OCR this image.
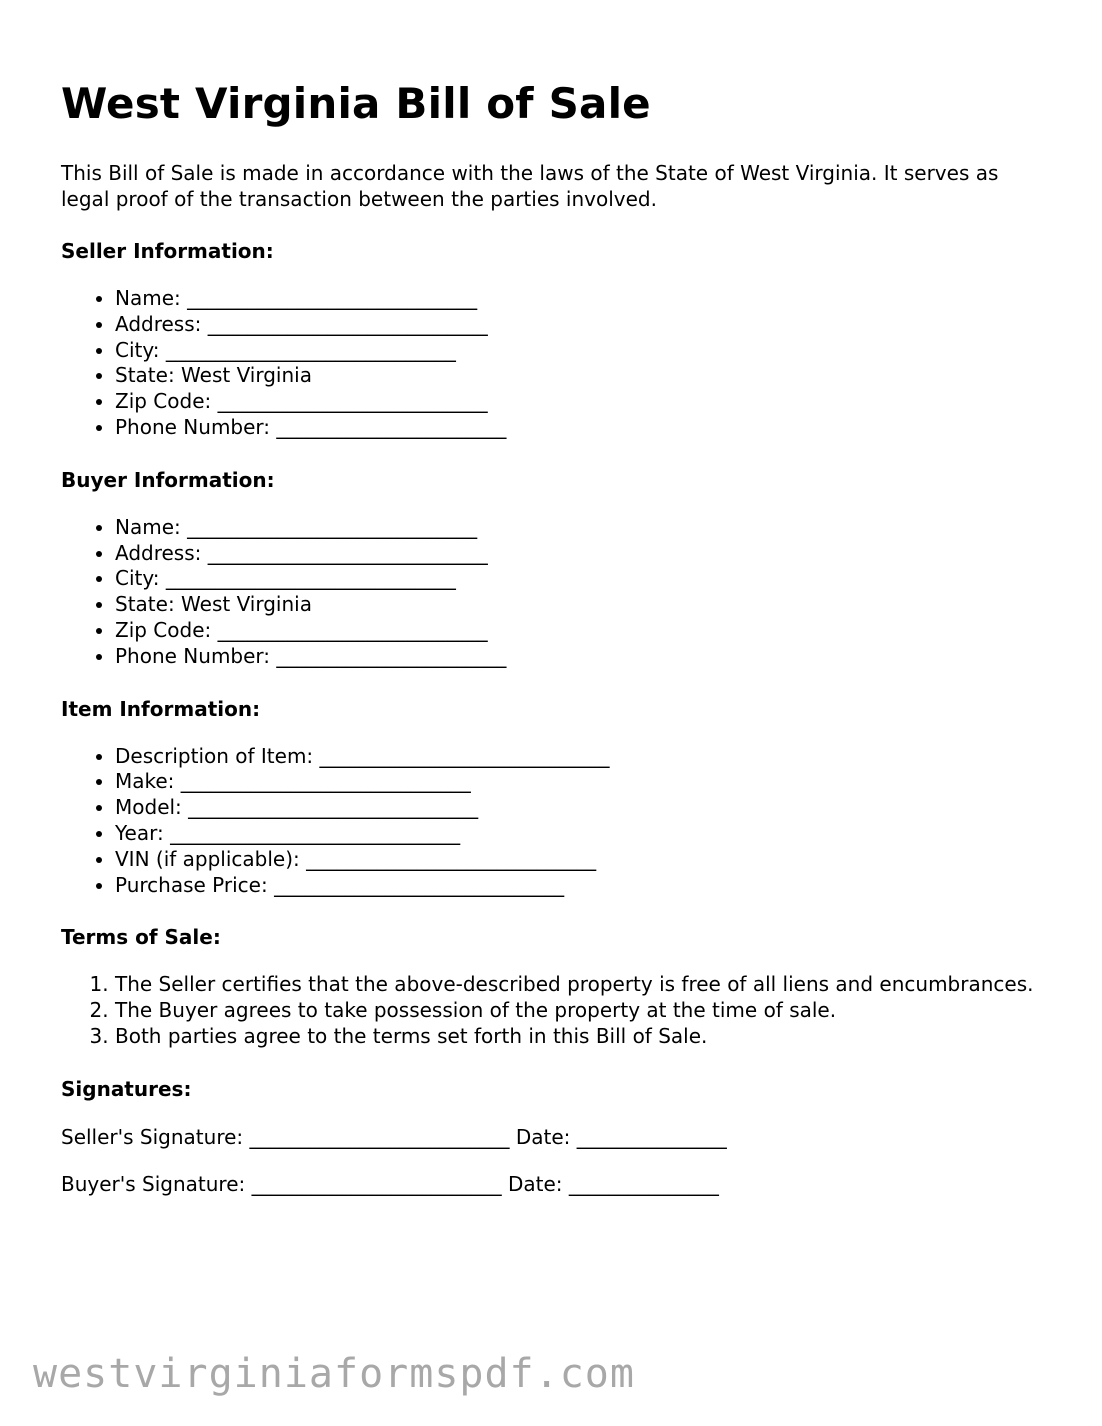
West Virginia Bill of Sale

This Bill of Sale is made in accordance with the laws of the State of West Virginia. It serves as legal proof of the transaction between the parties involved.

Seller Information:

• Name: _____________________________
• Address: ____________________________
• City: _____________________________
• State: West Virginia
• Zip Code: ___________________________
• Phone Number: _______________________

Buyer Information:

• Name: _____________________________
• Address: ____________________________
• City: _____________________________
• State: West Virginia
• Zip Code: ___________________________
• Phone Number: _______________________

Item Information:

• Description of Item: _____________________________
• Make: _____________________________
• Model: _____________________________
• Year: _____________________________
• VIN (if applicable): _____________________________
• Purchase Price: _____________________________

Terms of Sale:

1. The Seller certifies that the above-described property is free of all liens and encumbrances.
2. The Buyer agrees to take possession of the property at the time of sale.
3. Both parties agree to the terms set forth in this Bill of Sale.

Signatures:

Seller's Signature: __________________________ Date: _______________

Buyer's Signature: _________________________ Date: _______________

westvirginiaformspdf.com
